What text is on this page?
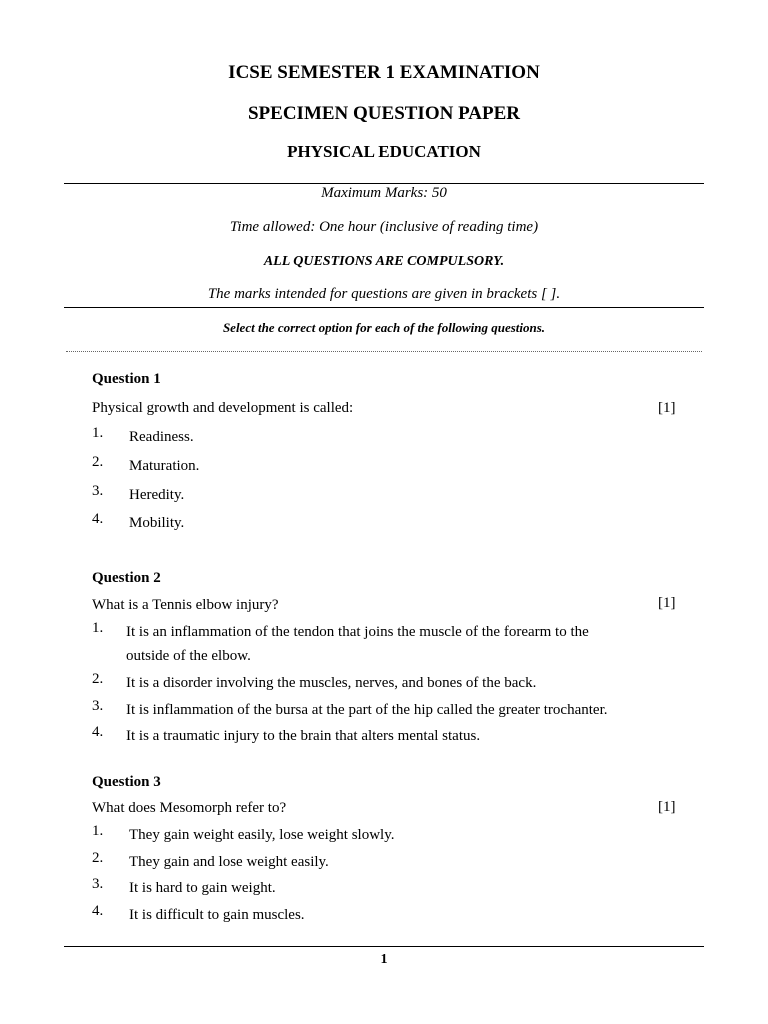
ICSE SEMESTER 1 EXAMINATION
SPECIMEN QUESTION PAPER
PHYSICAL EDUCATION
Maximum Marks: 50
Time allowed: One hour (inclusive of reading time)
ALL QUESTIONS ARE COMPULSORY.
The marks intended for questions are given in brackets [ ].
Select the correct option for each of the following questions.
Question 1
Physical growth and development is called:	[1]
1. Readiness.
2. Maturation.
3. Heredity.
4. Mobility.
Question 2
What is a Tennis elbow injury?	[1]
1. It is an inflammation of the tendon that joins the muscle of the forearm to the outside of the elbow.
2. It is a disorder involving the muscles, nerves, and bones of the back.
3. It is inflammation of the bursa at the part of the hip called the greater trochanter.
4. It is a traumatic injury to the brain that alters mental status.
Question 3
What does Mesomorph refer to?	[1]
1. They gain weight easily, lose weight slowly.
2. They gain and lose weight easily.
3. It is hard to gain weight.
4. It is difficult to gain muscles.
1
